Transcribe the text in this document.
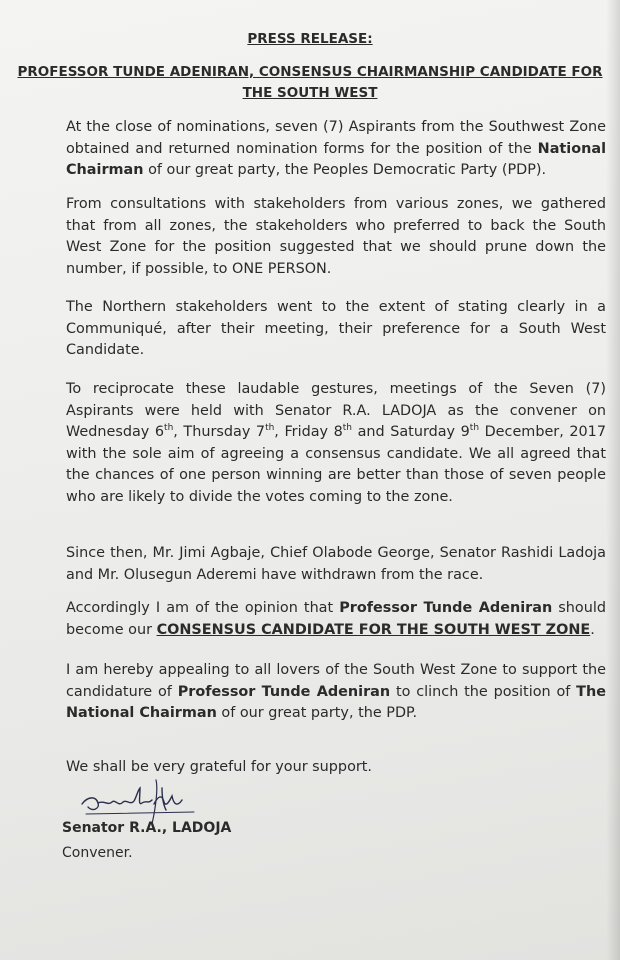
PRESS RELEASE:

PROFESSOR TUNDE ADENIRAN, CONSENSUS CHAIRMANSHIP CANDIDATE FOR THE SOUTH WEST

At the close of nominations, seven (7) Aspirants from the Southwest Zone obtained and returned nomination forms for the position of the National Chairman of our great party, the Peoples Democratic Party (PDP).

From consultations with stakeholders from various zones, we gathered that from all zones, the stakeholders who preferred to back the South West Zone for the position suggested that we should prune down the number, if possible, to ONE PERSON.

The Northern stakeholders went to the extent of stating clearly in a Communiqué, after their meeting, their preference for a South West Candidate.

To reciprocate these laudable gestures, meetings of the Seven (7) Aspirants were held with Senator R.A. LADOJA as the convener on Wednesday 6th, Thursday 7th, Friday 8th and Saturday 9th December, 2017 with the sole aim of agreeing a consensus candidate. We all agreed that the chances of one person winning are better than those of seven people who are likely to divide the votes coming to the zone.

Since then, Mr. Jimi Agbaje, Chief Olabode George, Senator Rashidi Ladoja and Mr. Olusegun Aderemi have withdrawn from the race.

Accordingly I am of the opinion that Professor Tunde Adeniran should become our CONSENSUS CANDIDATE FOR THE SOUTH WEST ZONE.

I am hereby appealing to all lovers of the South West Zone to support the candidature of Professor Tunde Adeniran to clinch the position of The National Chairman of our great party, the PDP.

We shall be very grateful for your support.

Senator R.A., LADOJA

Convener.
